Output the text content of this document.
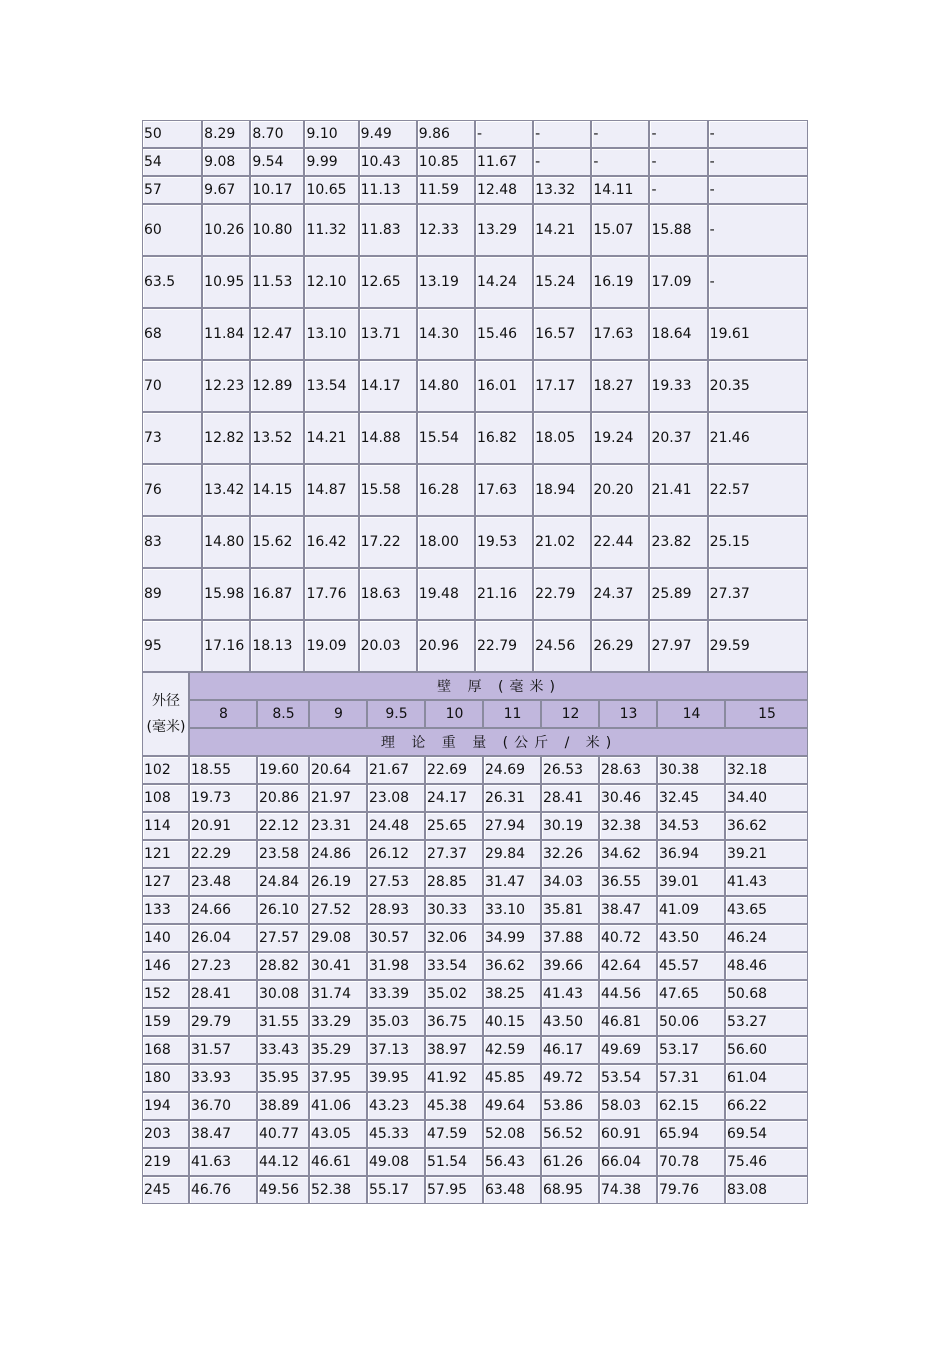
50	8.29	8.70	9.10	9.49	9.86	-	-	-	-	-
54	9.08	9.54	9.99	10.43	10.85	11.67	-	-	-	-
57	9.67	10.17	10.65	11.13	11.59	12.48	13.32	14.11	-	-
60	10.26	10.80	11.32	11.83	12.33	13.29	14.21	15.07	15.88	-
63.5	10.95	11.53	12.10	12.65	13.19	14.24	15.24	16.19	17.09	-
68	11.84	12.47	13.10	13.71	14.30	15.46	16.57	17.63	18.64	19.61
70	12.23	12.89	13.54	14.17	14.80	16.01	17.17	18.27	19.33	20.35
73	12.82	13.52	14.21	14.88	15.54	16.82	18.05	19.24	20.37	21.46
76	13.42	14.15	14.87	15.58	16.28	17.63	18.94	20.20	21.41	22.57
83	14.80	15.62	16.42	17.22	18.00	19.53	21.02	22.44	23.82	25.15
89	15.98	16.87	17.76	18.63	19.48	21.16	22.79	24.37	25.89	27.37
95	17.16	18.13	19.09	20.03	20.96	22.79	24.56	26.29	27.97	29.59
外径(毫米)	壁 厚 (毫米)									
	8	8.5	9	9.5	10	11	12	13	14	15
	理 论 重 量 (公斤 / 米)									
102	18.55	19.60	20.64	21.67	22.69	24.69	26.53	28.63	30.38	32.18
108	19.73	20.86	21.97	23.08	24.17	26.31	28.41	30.46	32.45	34.40
114	20.91	22.12	23.31	24.48	25.65	27.94	30.19	32.38	34.53	36.62
121	22.29	23.58	24.86	26.12	27.37	29.84	32.26	34.62	36.94	39.21
127	23.48	24.84	26.19	27.53	28.85	31.47	34.03	36.55	39.01	41.43
133	24.66	26.10	27.52	28.93	30.33	33.10	35.81	38.47	41.09	43.65
140	26.04	27.57	29.08	30.57	32.06	34.99	37.88	40.72	43.50	46.24
146	27.23	28.82	30.41	31.98	33.54	36.62	39.66	42.64	45.57	48.46
152	28.41	30.08	31.74	33.39	35.02	38.25	41.43	44.56	47.65	50.68
159	29.79	31.55	33.29	35.03	36.75	40.15	43.50	46.81	50.06	53.27
168	31.57	33.43	35.29	37.13	38.97	42.59	46.17	49.69	53.17	56.60
180	33.93	35.95	37.95	39.95	41.92	45.85	49.72	53.54	57.31	61.04
194	36.70	38.89	41.06	43.23	45.38	49.64	53.86	58.03	62.15	66.22
203	38.47	40.77	43.05	45.33	47.59	52.08	56.52	60.91	65.94	69.54
219	41.63	44.12	46.61	49.08	51.54	56.43	61.26	66.04	70.78	75.46
245	46.76	49.56	52.38	55.17	57.95	63.48	68.95	74.38	79.76	83.08
